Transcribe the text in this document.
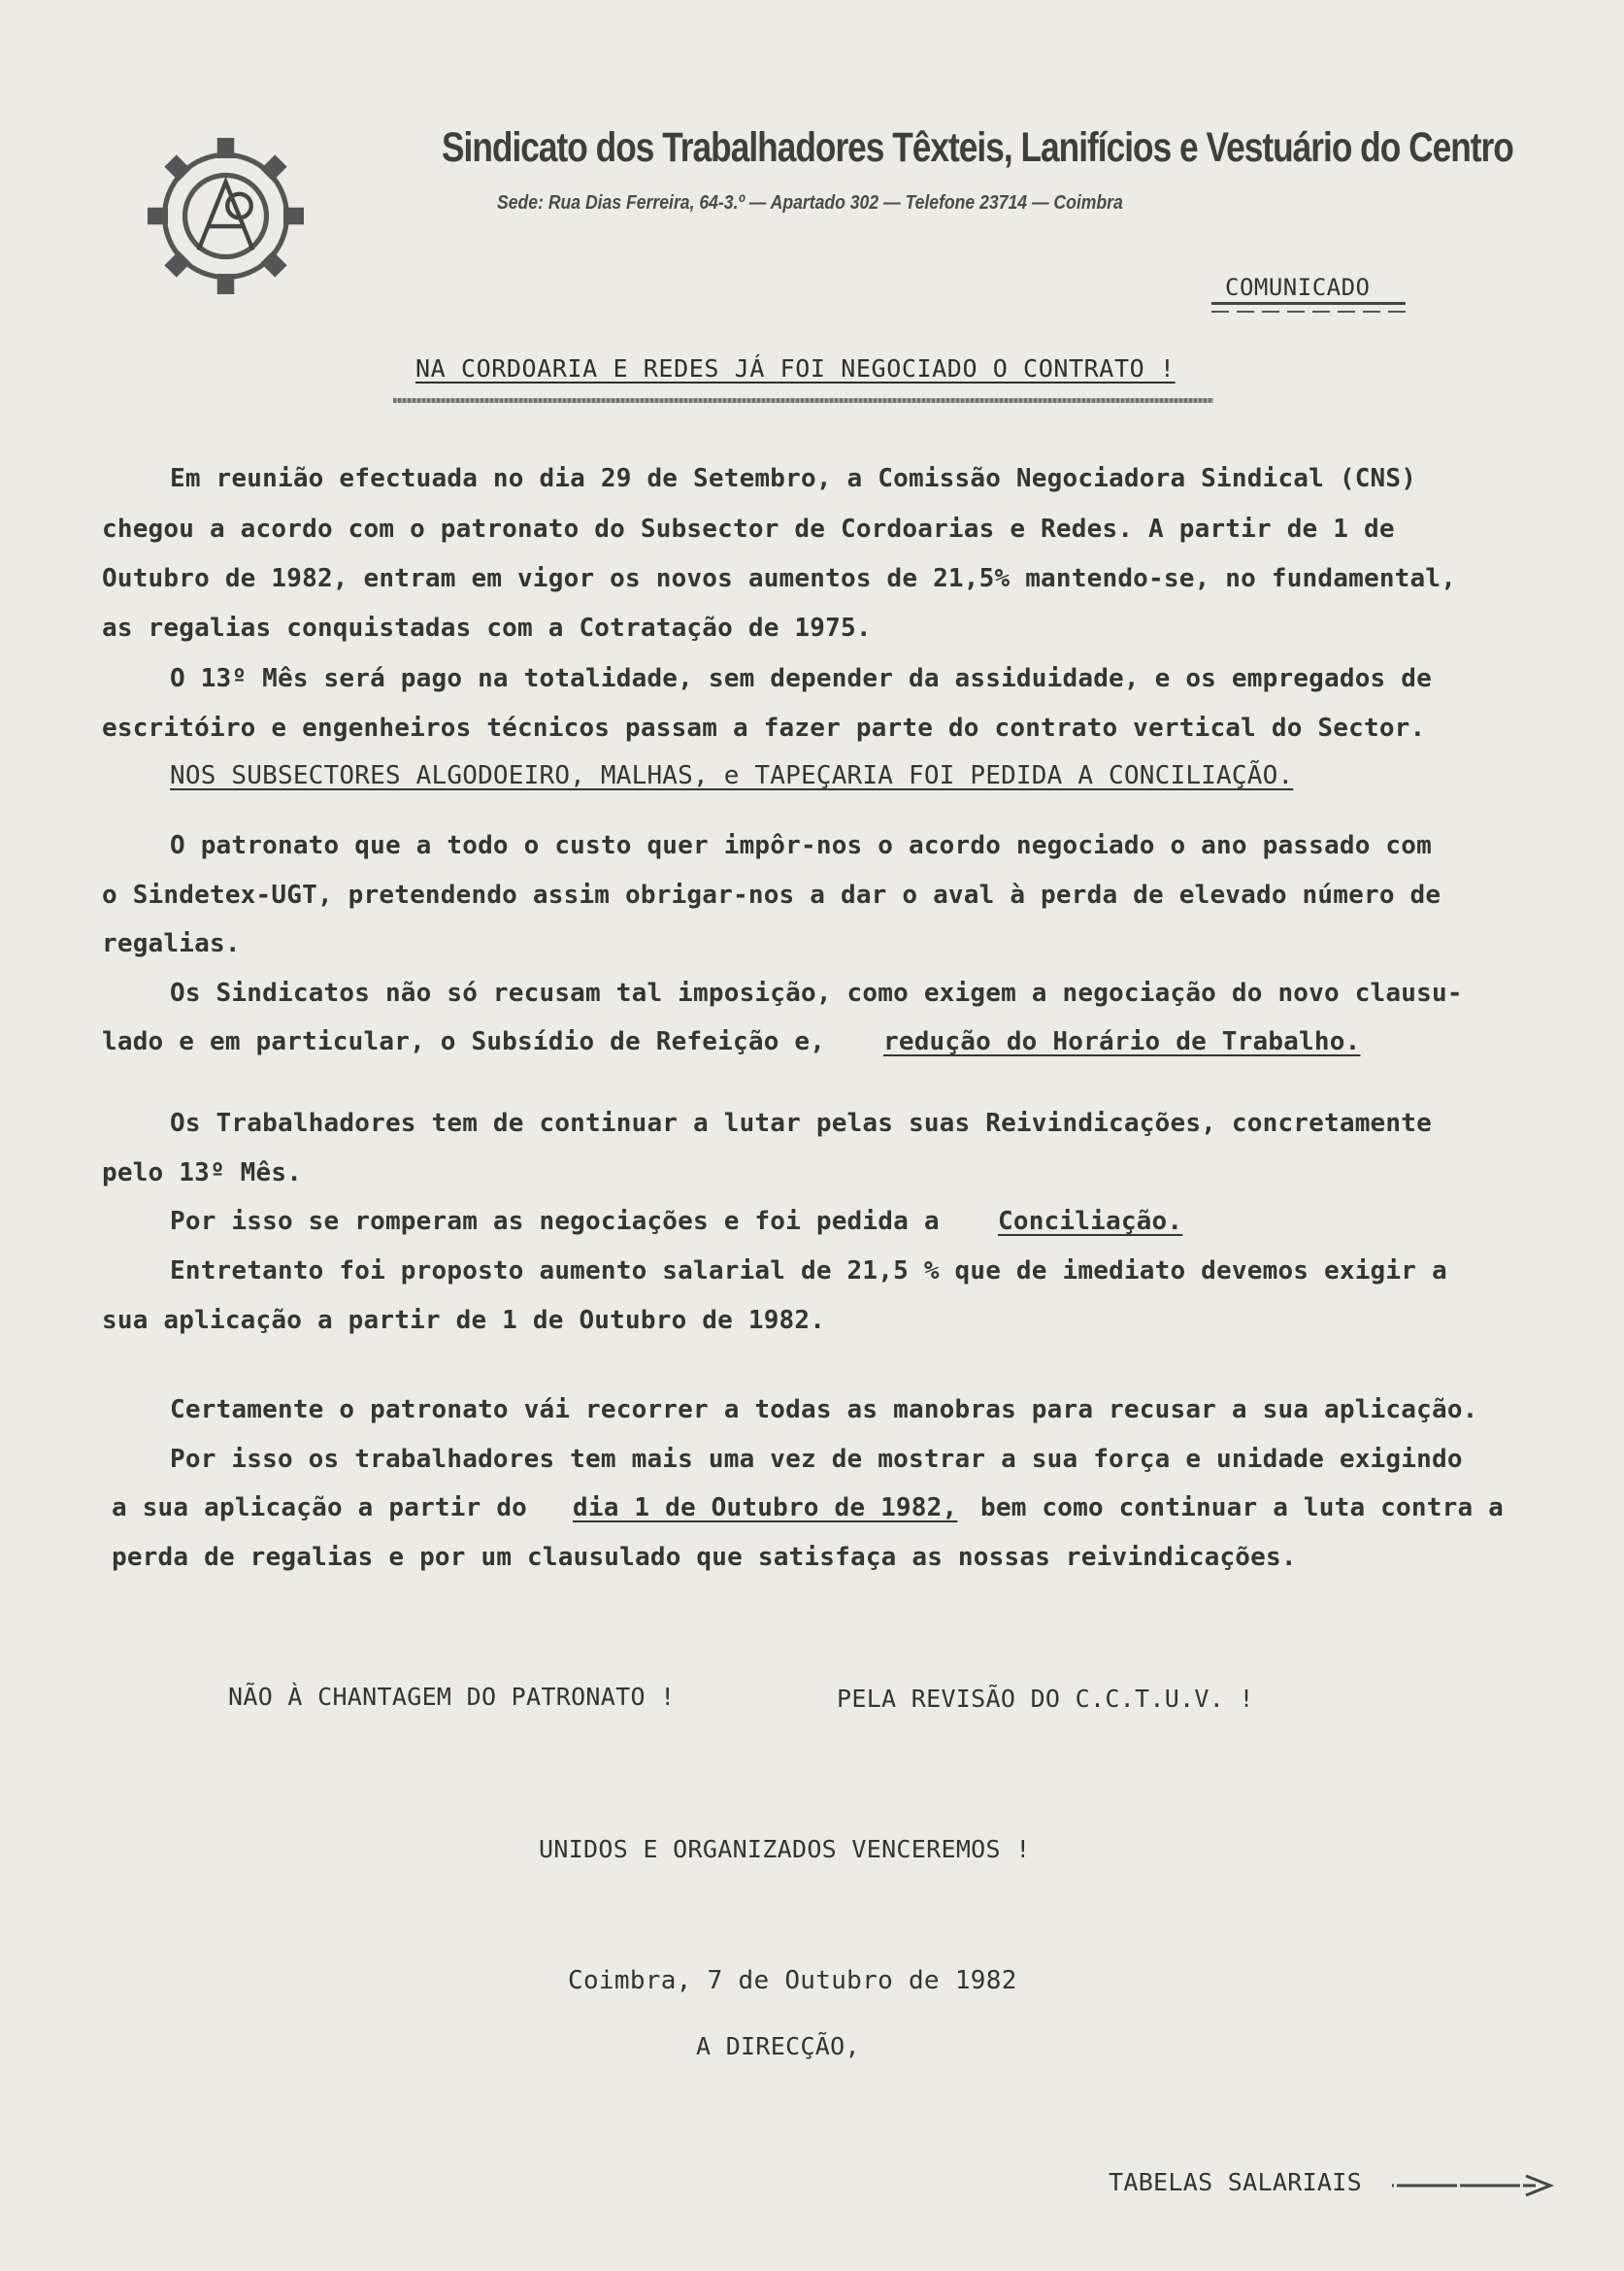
Sindicato dos Trabalhadores Têxteis, Lanifícios e Vestuário do Centro
Sede: Rua Dias Ferreira, 64-3.º — Apartado 302 — Telefone 23714 — Coimbra
COMUNICADO
NA CORDOARIA E REDES JÁ FOI NEGOCIADO O CONTRATO !
Em reunião efectuada no dia 29 de Setembro, a Comissão Negociadora Sindical (CNS)
chegou a acordo com o patronato do Subsector de Cordoarias e Redes. A partir de 1 de
Outubro de 1982, entram em vigor os novos aumentos de 21,5% mantendo-se, no fundamental,
as regalias conquistadas com a Cotratação de 1975.
O 13º Mês será pago na totalidade, sem depender da assiduidade, e os empregados de
escritóiro e engenheiros técnicos passam a fazer parte do contrato vertical do Sector.
NOS SUBSECTORES ALGODOEIRO, MALHAS, e TAPEÇARIA FOI PEDIDA A CONCILIAÇÃO.
O patronato que a todo o custo quer impôr-nos o acordo negociado o ano passado com
o Sindetex-UGT, pretendendo assim obrigar-nos a dar o aval à perda de elevado número de
regalias.
Os Sindicatos não só recusam tal imposição, como exigem a negociação do novo clausu-
lado e em particular, o Subsídio de Refeição e, redução do Horário de Trabalho.
Os Trabalhadores tem de continuar a lutar pelas suas Reivindicações, concretamente
pelo 13º Mês.
Por isso se romperam as negociações e foi pedida a Conciliação.
Entretanto foi proposto aumento salarial de 21,5 % que de imediato devemos exigir a
sua aplicação a partir de 1 de Outubro de 1982.
Certamente o patronato vái recorrer a todas as manobras para recusar a sua aplicação.
Por isso os trabalhadores tem mais uma vez de mostrar a sua força e unidade exigindo
a sua aplicação a partir do dia 1 de Outubro de 1982, bem como continuar a luta contra a
perda de regalias e por um clausulado que satisfaça as nossas reivindicações.
NÃO À CHANTAGEM DO PATRONATO !	PELA REVISÃO DO C.C.T.U.V. !
UNIDOS E ORGANIZADOS VENCEREMOS !
Coimbra, 7 de Outubro de 1982
A DIRECÇÃO,
TABELAS SALARIAIS
